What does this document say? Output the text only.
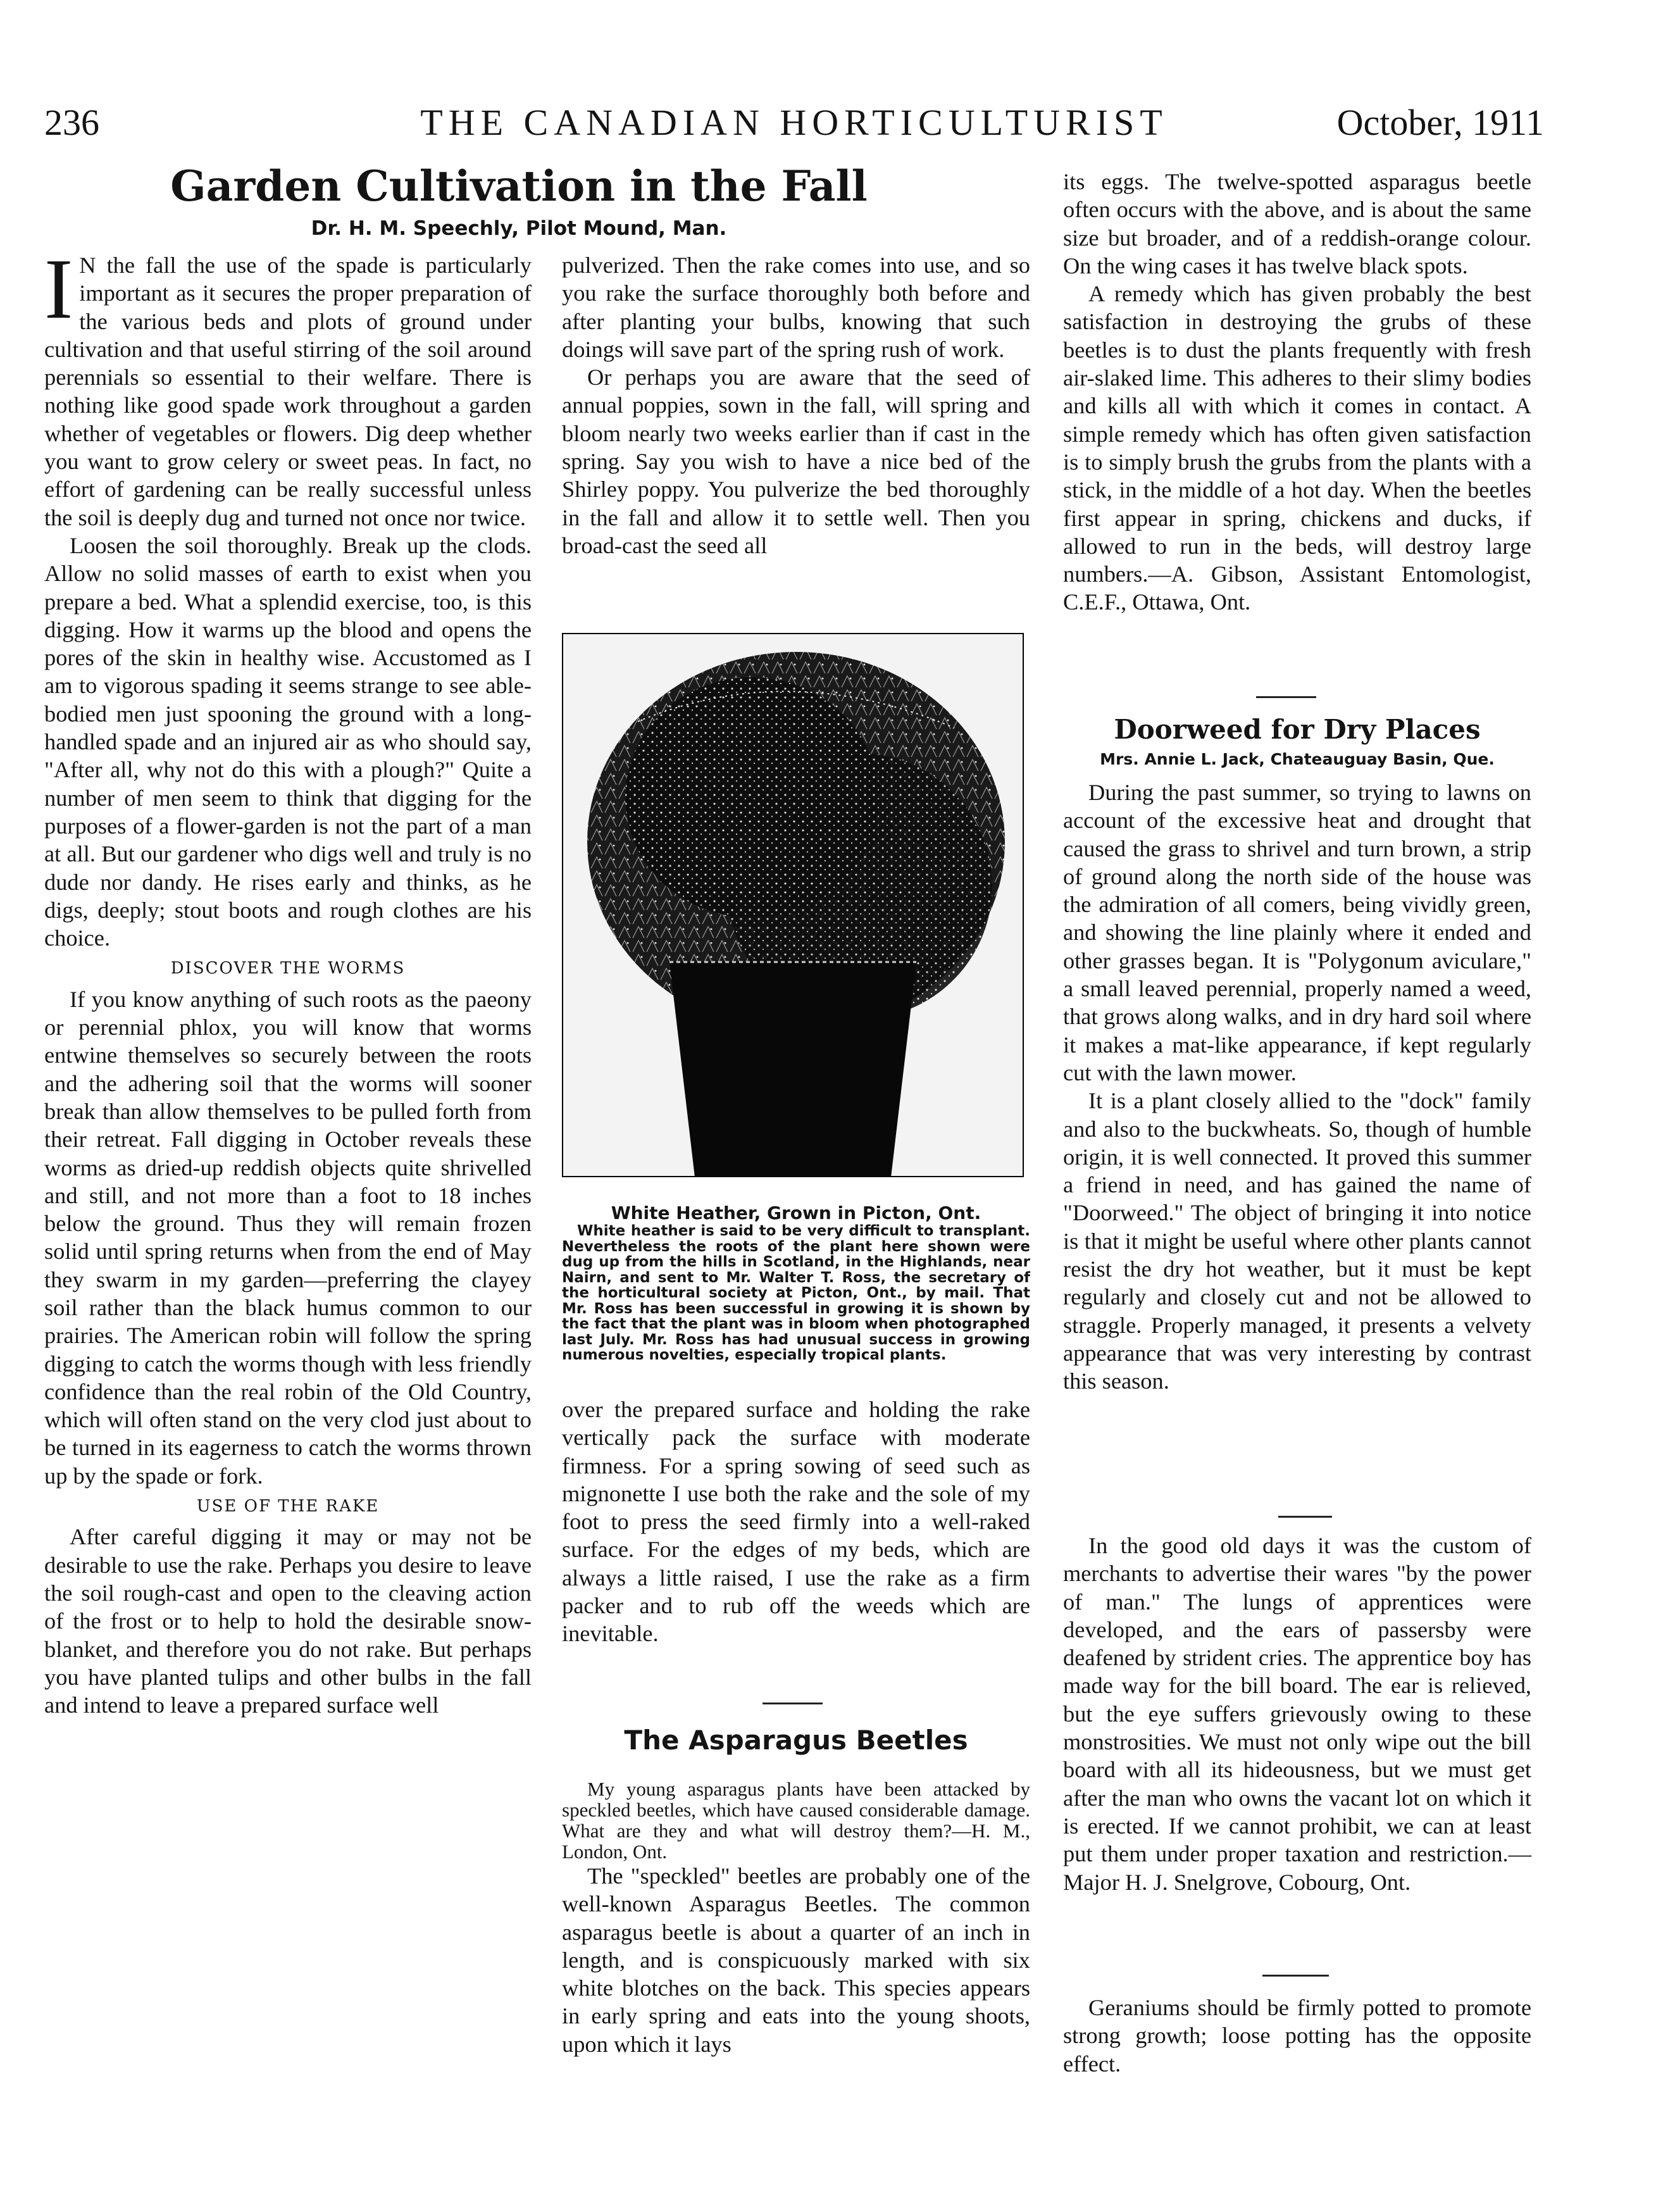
236	THE CANADIAN HORTICULTURIST	October, 1911
Garden Cultivation in the Fall
Dr. H. M. Speechly, Pilot Mound, Man.

I N the fall the use of the spade is particularly important as it secures the proper preparation of the various beds and plots of ground under cultivation and that useful stirring of the soil around perennials so essential to their welfare. There is nothing like good spade work throughout a garden whether of vegetables or flowers. Dig deep whether you want to grow celery or sweet peas. In fact, no effort of gardening can be really successful unless the soil is deeply dug and turned not once nor twice.

Loosen the soil thoroughly. Break up the clods. Allow no solid masses of earth to exist when you prepare a bed. What a splendid exercise, too, is this digging. How it warms up the blood and opens the pores of the skin in healthy wise. Accustomed as I am to vigorous spading it seems strange to see able-bodied men just spooning the ground with a long-handled spade and an injured air as who should say, "After all, why not do this with a plough?" Quite a number of men seem to think that digging for the purposes of a flower-garden is not the part of a man at all. But our gardener who digs well and truly is no dude nor dandy. He rises early and thinks, as he digs, deeply; stout boots and rough clothes are his choice.

DISCOVER THE WORMS

If you know anything of such roots as the paeony or perennial phlox, you will know that worms entwine themselves so securely between the roots and the adhering soil that the worms will sooner break than allow themselves to be pulled forth from their retreat. Fall digging in October reveals these worms as dried-up reddish objects quite shrivelled and still, and not more than a foot to 18 inches below the ground. Thus they will remain frozen solid until spring returns when from the end of May they swarm in my garden—preferring the clayey soil rather than the black humus common to our prairies. The American robin will follow the spring digging to catch the worms though with less friendly confidence than the real robin of the Old Country, which will often stand on the very clod just about to be turned in its eagerness to catch the worms thrown up by the spade or fork.

USE OF THE RAKE

After careful digging it may or may not be desirable to use the rake. Perhaps you desire to leave the soil rough-cast and open to the cleaving action of the frost or to help to hold the desirable snow-blanket, and therefore you do not rake. But perhaps you have planted tulips and other bulbs in the fall and intend to leave a prepared surface well

pulverized. Then the rake comes into use, and so you rake the surface thoroughly both before and after planting your bulbs, knowing that such doings will save part of the spring rush of work.

Or perhaps you are aware that the seed of annual poppies, sown in the fall, will spring and bloom nearly two weeks earlier than if cast in the spring. Say you wish to have a nice bed of the Shirley poppy. You pulverize the bed thoroughly in the fall and allow it to settle well. Then you broad-cast the seed all

White Heather, Grown in Picton, Ont.
White heather is said to be very difficult to transplant. Nevertheless the roots of the plant here shown were dug up from the hills in Scotland, in the Highlands, near Nairn, and sent to Mr. Walter T. Ross, the secretary of the horticultural society at Picton, Ont., by mail. That Mr. Ross has been successful in growing it is shown by the fact that the plant was in bloom when photographed last July. Mr. Ross has had unusual success in growing numerous novelties, especially tropical plants.

over the prepared surface and holding the rake vertically pack the surface with moderate firmness. For a spring sowing of seed such as mignonette I use both the rake and the sole of my foot to press the seed firmly into a well-raked surface. For the edges of my beds, which are always a little raised, I use the rake as a firm packer and to rub off the weeds which are inevitable.

The Asparagus Beetles

My young asparagus plants have been attacked by speckled beetles, which have caused considerable damage. What are they and what will destroy them?—H. M., London, Ont.

The "speckled" beetles are probably one of the well-known Asparagus Beetles. The common asparagus beetle is about a quarter of an inch in length, and is conspicuously marked with six white blotches on the back. This species appears in early spring and eats into the young shoots, upon which it lays

its eggs. The twelve-spotted asparagus beetle often occurs with the above, and is about the same size but broader, and of a reddish-orange colour. On the wing cases it has twelve black spots.

A remedy which has given probably the best satisfaction in destroying the grubs of these beetles is to dust the plants frequently with fresh air-slaked lime. This adheres to their slimy bodies and kills all with which it comes in contact. A simple remedy which has often given satisfaction is to simply brush the grubs from the plants with a stick, in the middle of a hot day. When the beetles first appear in spring, chickens and ducks, if allowed to run in the beds, will destroy large numbers.—A. Gibson, Assistant Entomologist, C.E.F., Ottawa, Ont.

Doorweed for Dry Places
Mrs. Annie L. Jack, Chateauguay Basin, Que.

During the past summer, so trying to lawns on account of the excessive heat and drought that caused the grass to shrivel and turn brown, a strip of ground along the north side of the house was the admiration of all comers, being vividly green, and showing the line plainly where it ended and other grasses began. It is "Polygonum aviculare," a small leaved perennial, properly named a weed, that grows along walks, and in dry hard soil where it makes a mat-like appearance, if kept regularly cut with the lawn mower.

It is a plant closely allied to the "dock" family and also to the buckwheats. So, though of humble origin, it is well connected. It proved this summer a friend in need, and has gained the name of "Doorweed." The object of bringing it into notice is that it might be useful where other plants cannot resist the dry hot weather, but it must be kept regularly and closely cut and not be allowed to straggle. Properly managed, it presents a velvety appearance that was very interesting by contrast this season.

In the good old days it was the custom of merchants to advertise their wares "by the power of man." The lungs of apprentices were developed, and the ears of passersby were deafened by strident cries. The apprentice boy has made way for the bill board. The ear is relieved, but the eye suffers grievously owing to these monstrosities. We must not only wipe out the bill board with all its hideousness, but we must get after the man who owns the vacant lot on which it is erected. If we cannot prohibit, we can at least put them under proper taxation and restriction.—Major H. J. Snelgrove, Cobourg, Ont.

Geraniums should be firmly potted to promote strong growth; loose potting has the opposite effect.
